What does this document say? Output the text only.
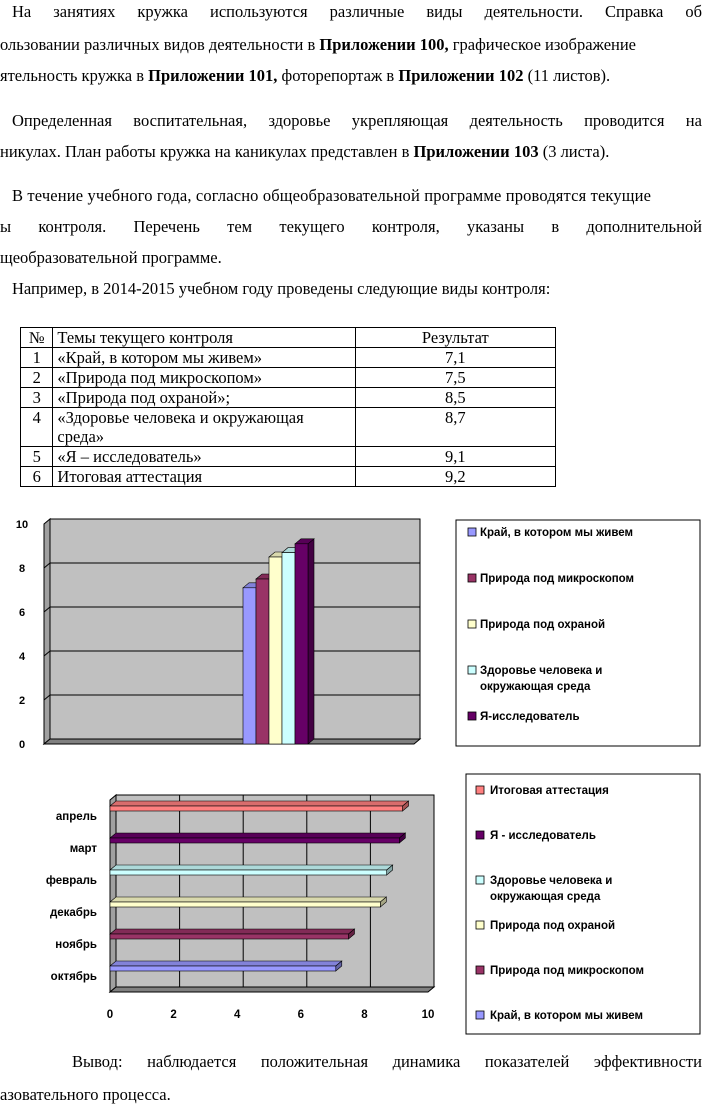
На занятиях кружка используются различные виды деятельности. Справка об
ользовании различных видов деятельности в Приложении 100, графическое изображение
ятельность кружка в Приложении 101, фоторепортаж в Приложении 102 (11 листов).
Определенная воспитательная, здоровье укрепляющая деятельность проводится на
никулах. План работы кружка на каникулах представлен в Приложении 103 (3 листа).
В течение учебного года, согласно общеобразовательной программе проводятся текущие
ы контроля. Перечень тем текущего контроля, указаны в дополнительной
щеобразовательной программе.
Например, в 2014-2015 учебном году проведены следующие виды контроля:
№	Темы текущего контроля	Результат
1	«Край, в котором мы живем»	7,1
2	«Природа под микроскопом»	7,5
3	«Природа под охраной»;	8,5
4	«Здоровье человека и окружающая среда»	8,7
5	«Я – исследователь»	9,1
6	Итоговая аттестация	9,2
0
2
4
6
8
10
Край, в котором мы живем
Природа под микроскопом
Природа под охраной
Здоровье человека и
окружающая среда
Я-исследователь
0	2	4	6	8	10
октябрь
ноябрь
декабрь
февраль
март
апрель
Итоговая аттестация
Я - исследователь
Здоровье человека и
окружающая среда
Природа под охраной
Природа под микроскопом
Край, в котором мы живем
Вывод: наблюдается положительная динамика показателей эффективности
азовательного процесса.
